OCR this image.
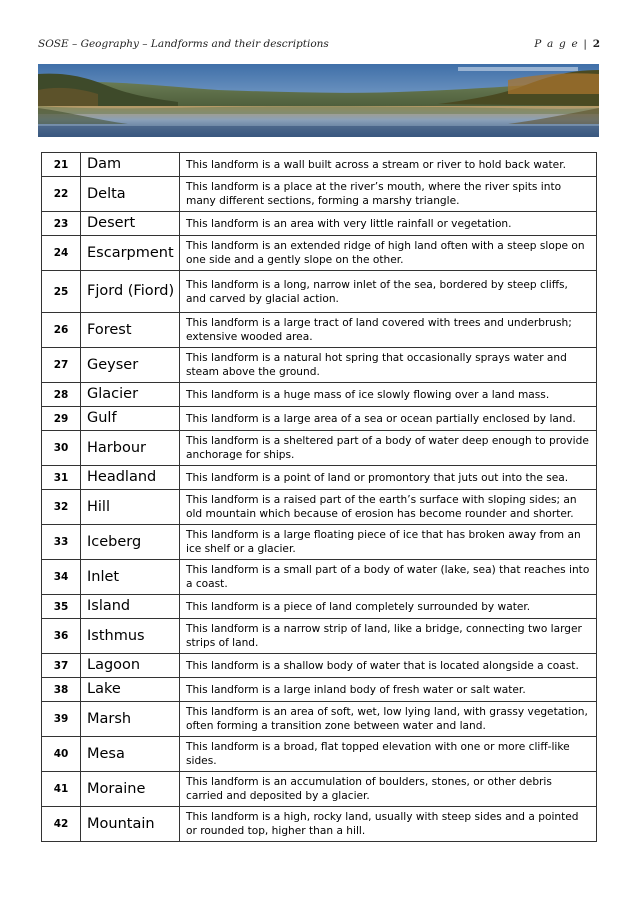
SOSE – Geography – Landforms and their descriptions	P a g e | 2
21	Dam	This landform is a wall built across a stream or river to hold back water.
22	Delta	This landform is a place at the river’s mouth, where the river spits into many different sections, forming a marshy triangle.
23	Desert	This landform is an area with very little rainfall or vegetation.
24	Escarpment	This landform is an extended ridge of high land often with a steep slope on one side and a gently slope on the other.
25	Fjord (Fiord)	This landform is a long, narrow inlet of the sea, bordered by steep cliffs, and carved by glacial action.
26	Forest	This landform is a large tract of land covered with trees and underbrush; extensive wooded area.
27	Geyser	This landform is a natural hot spring that occasionally sprays water and steam above the ground.
28	Glacier	This landform is a huge mass of ice slowly flowing over a land mass.
29	Gulf	This landform is a large area of a sea or ocean partially enclosed by land.
30	Harbour	This landform is a sheltered part of a body of water deep enough to provide anchorage for ships.
31	Headland	This landform is a point of land or promontory that juts out into the sea.
32	Hill	This landform is a raised part of the earth’s surface with sloping sides; an old mountain which because of erosion has become rounder and shorter.
33	Iceberg	This landform is a large floating piece of ice that has broken away from an ice shelf or a glacier.
34	Inlet	This landform is a small part of a body of water (lake, sea) that reaches into a coast.
35	Island	This landform is a piece of land completely surrounded by water.
36	Isthmus	This landform is a narrow strip of land, like a bridge, connecting two larger strips of land.
37	Lagoon	This landform is a shallow body of water that is located alongside a coast.
38	Lake	This landform is a large inland body of fresh water or salt water.
39	Marsh	This landform is an area of soft, wet, low lying land, with grassy vegetation, often forming a transition zone between water and land.
40	Mesa	This landform is a broad, flat topped elevation with one or more cliff-like sides.
41	Moraine	This landform is an accumulation of boulders, stones, or other debris carried and deposited by a glacier.
42	Mountain	This landform is a high, rocky land, usually with steep sides and a pointed or rounded top, higher than a hill.
